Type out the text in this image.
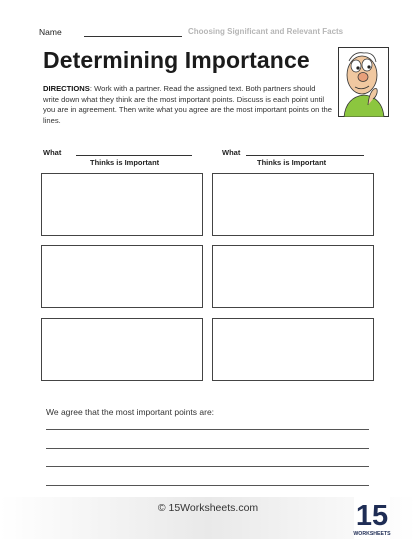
Name	Choosing Significant and Relevant Facts
Determining Importance
DIRECTIONS: Work with a partner. Read the assigned text. Both partners should write down what they think are the most important points. Discuss is each point until you are in agreement. Then write what you agree are the most important points on the lines.
What
Thinks is Important
What
Thinks is Important
We agree that the most important points are:
© 15Worksheets.com	15
WORKSHEETS
